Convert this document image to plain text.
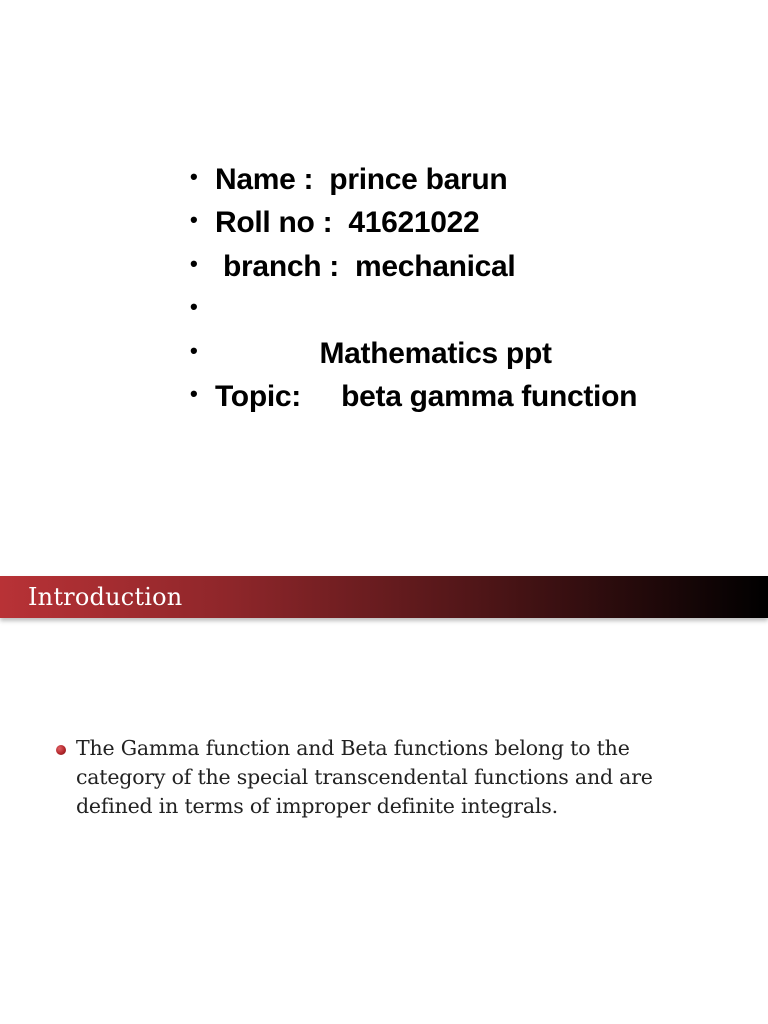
• Name :  prince barun
• Roll no :  41621022
• branch :  mechanical
•
•             Mathematics ppt
• Topic:     beta gamma function
Introduction
The Gamma function and Beta functions belong to the category of the special transcendental functions and are defined in terms of improper definite integrals.
